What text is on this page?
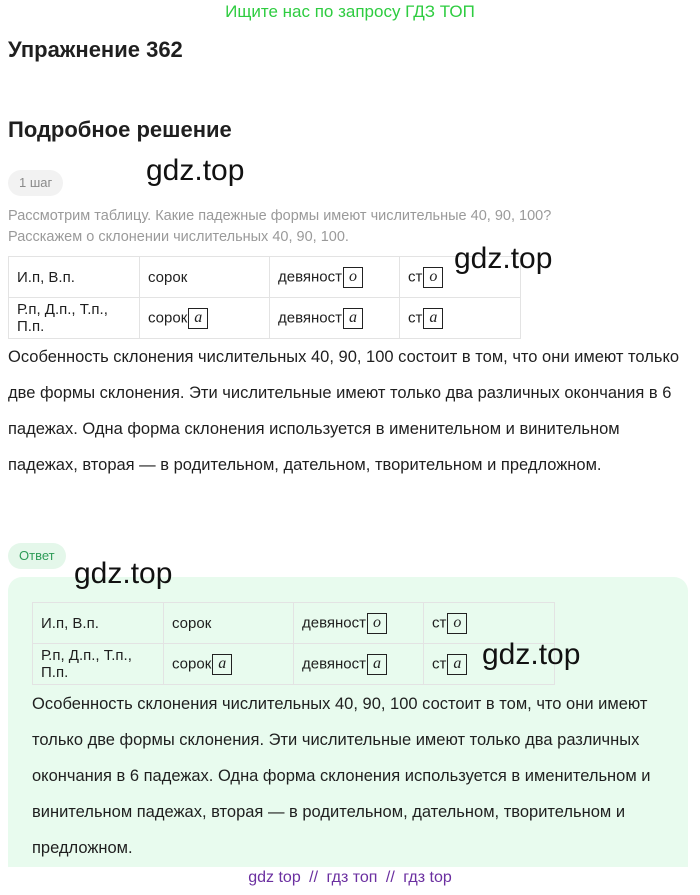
Ищите нас по запросу ГДЗ ТОП
Упражнение 362
Подробное решение
1 шаг	gdz.top
Рассмотрим таблицу. Какие падежные формы имеют числительные 40, 90, 100?
Расскажем о склонении числительных 40, 90, 100.
И.п, В.п.	сорок	девяност о	ст о
Р.п, Д.п., Т.п., П.п.	сорок а	девяност а	ст а
gdz.top
Особенность склонения числительных 40, 90, 100 состоит в том, что они имеют только две формы склонения. Эти числительные имеют только два различных окончания в 6 падежах. Одна форма склонения используется в именительном и винительном падежах, вторая — в родительном, дательном, творительном и предложном.
Ответ
gdz.top
И.п, В.п.	сорок	девяност о	ст о
Р.п, Д.п., Т.п., П.п.	сорок а	девяност а	ст а gdz.top
Особенность склонения числительных 40, 90, 100 состоит в том, что они имеют только две формы склонения. Эти числительные имеют только два различных окончания в 6 падежах. Одна форма склонения используется в именительном и винительном падежах, вторая — в родительном, дательном, творительном и предложном.
gdz top // гдз топ // гдз top
